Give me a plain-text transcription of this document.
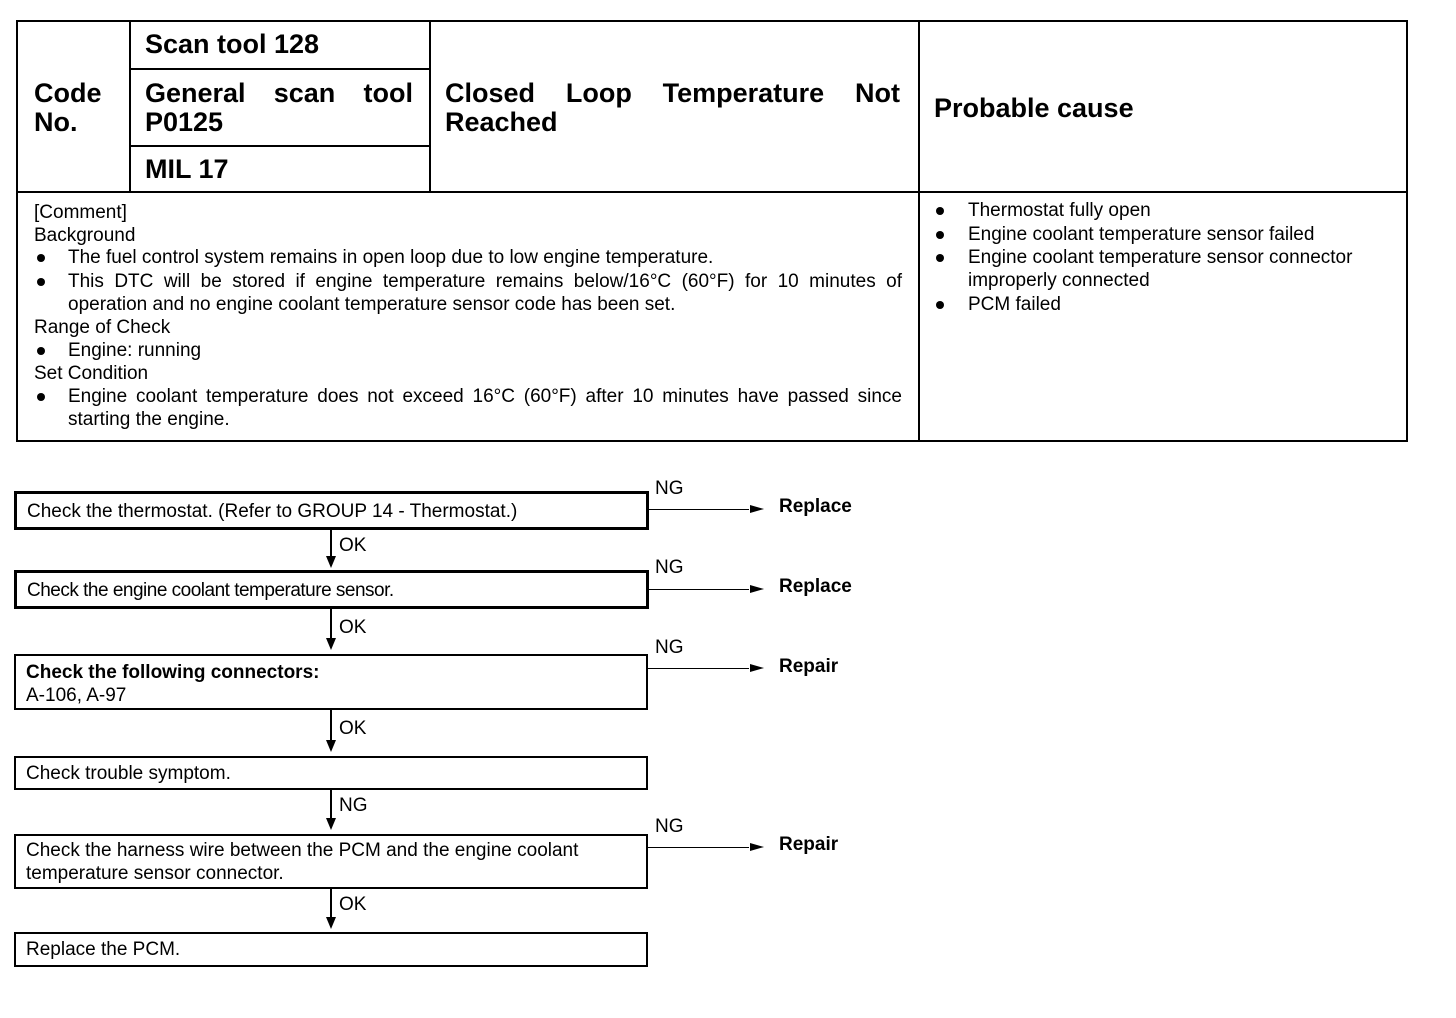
Code No.
Scan tool 128
General scan tool P0125
MIL 17
Closed Loop Temperature Not Reached	Probable cause
[Comment]
Background
The fuel control system remains in open loop due to low engine temperature.
This DTC will be stored if engine temperature remains below/16°C (60°F) for 10 minutes of operation and no engine coolant temperature sensor code has been set.
Range of Check
Engine: running
Set Condition
Engine coolant temperature does not exceed 16°C (60°F) after 10 minutes have passed since starting the engine.
Thermostat fully open
Engine coolant temperature sensor failed
Engine coolant temperature sensor connector improperly connected
PCM failed
Check the thermostat. (Refer to GROUP 14 - Thermostat.)
NG
Replace
OK
Check the engine coolant temperature sensor.
NG
Replace
OK
Check the following connectors:
A-106, A-97
NG
Repair
OK
Check trouble symptom.
NG
Check the harness wire between the PCM and the engine coolant temperature sensor connector.
NG
Repair
OK
Replace the PCM.
